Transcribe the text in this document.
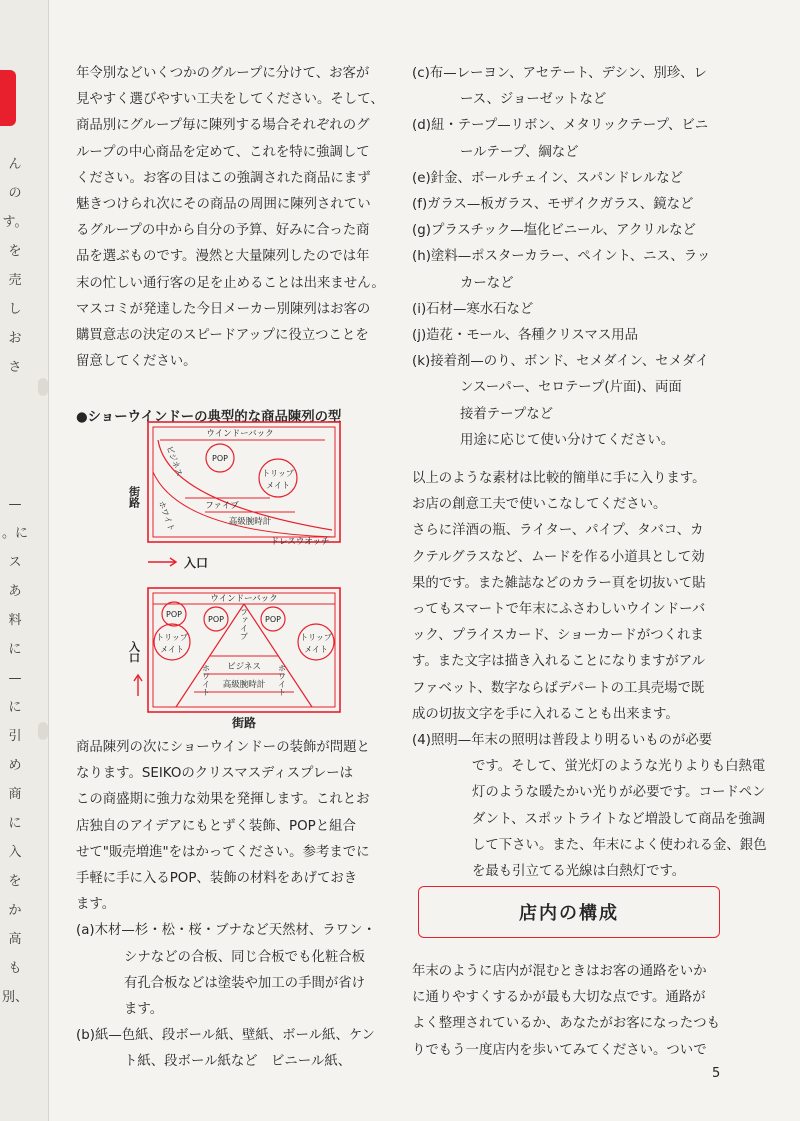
ん
の
す。
を
売
し
お
さ
—
。に
ス
あ
料
に
—
に
引
め
商
に
入
を
か
高
も
別、

年令別などいくつかのグループに分けて、お客が

見やすく選びやすい工夫をしてください。そして、

商品別にグループ毎に陳列する場合それぞれのグ

ループの中心商品を定めて、これを特に強調して

ください。お客の目はこの強調された商品にまず

魅きつけられ次にその商品の周囲に陳列されてい

るグループの中から自分の予算、好みに合った商

品を選ぶものです。漫然と大量陳列したのでは年

末の忙しい通行客の足を止めることは出来ません。

マスコミが発達した今日メーカー別陳列はお客の

購買意志の決定のスピードアップに役立つことを

留意してください。

●ショーウインドーの典型的な商品陳列の型

ウインドーバック
POP
トリップ
メイト
ビジネス
ファイブ
高級腕時計
ホワイト
ドレスウオッチ
街路
入口
ウインドーバック
POP
POP	POP
トリップ
メイト
トリップ
メイト
ファイブ
ビジネス
ホワイト	ホワイト
高級腕時計
入口
街路

商品陳列の次にショーウインドーの装飾が問題と

なります。SEIKOのクリスマスディスプレーは

この商盛期に強力な効果を発揮します。これとお

店独自のアイデアにもとずく装飾、POPと組合

せて"販売増進"をはかってください。参考までに

手軽に手に入るPOP、装飾の材料をあげておき

ます。

(a)木材—杉・松・桜・ブナなど天然材、ラワン・

シナなどの合板、同じ合板でも化粧合板

有孔合板などは塗装や加工の手間が省け

ます。

(b)紙—色紙、段ボール紙、壁紙、ボール紙、ケン

ト紙、段ボール紙など　ビニール紙、

(c)布—レーヨン、アセテート、デシン、別珍、レ

ース、ジョーゼットなど

(d)紐・テープ—リボン、メタリックテープ、ビニ

ールテープ、綱など

(e)針金、ボールチェイン、スパンドレルなど

(f)ガラス—板ガラス、モザイクガラス、鏡など

(g)プラスチック—塩化ビニール、アクリルなど

(h)塗料—ポスターカラー、ペイント、ニス、ラッ

カーなど

(i)石材—寒水石など

(j)造花・モール、各種クリスマス用品

(k)接着剤—のり、ボンド、セメダイン、セメダイ

ンスーパー、セロテープ(片面)、両面

接着テープなど

用途に応じて使い分けてください。

以上のような素材は比較的簡単に手に入ります。

お店の創意工夫で使いこなしてください。

さらに洋酒の瓶、ライター、パイプ、タバコ、カ

クテルグラスなど、ムードを作る小道具として効

果的です。また雑誌などのカラー頁を切抜いて貼

ってもスマートで年末にふさわしいウインドーバ

ック、プライスカード、ショーカードがつくれま

す。また文字は描き入れることになりますがアル

ファベット、数字ならばデパートの工具売場で既

成の切抜文字を手に入れることも出来ます。

(4)照明—年末の照明は普段より明るいものが必要

です。そして、蛍光灯のような光りよりも白熱電

灯のような暖たかい光りが必要です。コードペン

ダント、スポットライトなど増設して商品を強調

して下さい。また、年末によく使われる金、銀色

を最も引立てる光線は白熱灯です。

店内の構成

年末のように店内が混むときはお客の通路をいか

に通りやすくするかが最も大切な点です。通路が

よく整理されているか、あなたがお客になったつも

りでもう一度店内を歩いてみてください。ついで

5
